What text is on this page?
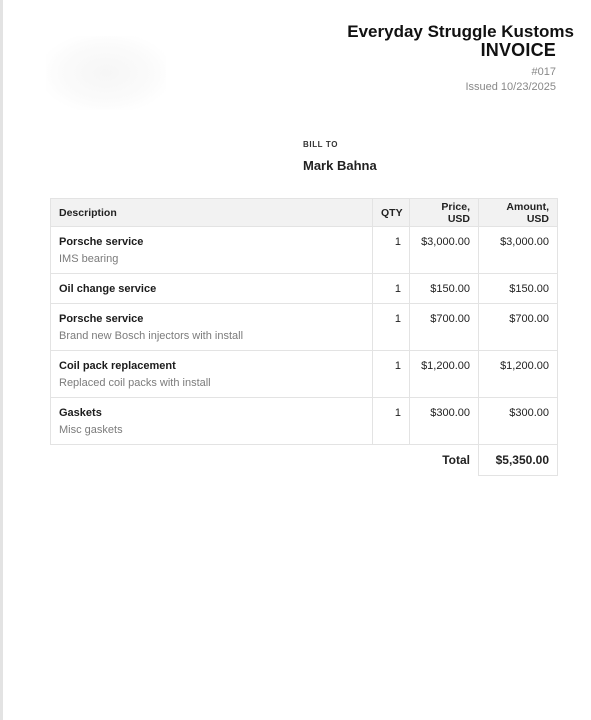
Everyday Struggle Kustoms
INVOICE
#017
Issued 10/23/2025
BILL TO
Mark Bahna
Description	QTY	Price, USD	Amount, USD

Porsche service
IMS bearing	1	$3,000.00	$3,000.00

Oil change service	1	$150.00	$150.00

Porsche service
Brand new Bosch injectors with install	1	$700.00	$700.00

Coil pack replacement
Replaced coil packs with install	1	$1,200.00	$1,200.00

Gaskets
Misc gaskets	1	$300.00	$300.00
		Total	$5,350.00
